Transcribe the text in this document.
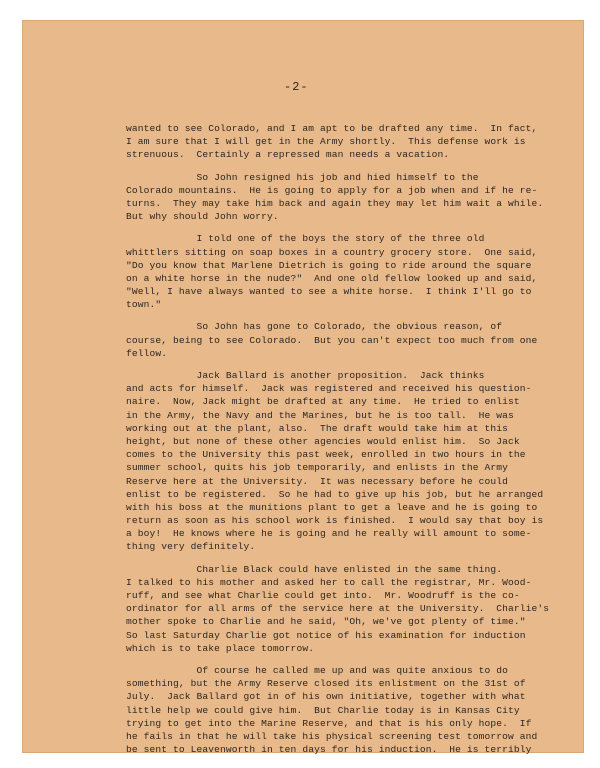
-2-
wanted to see Colorado, and I am apt to be drafted any time.  In fact,
I am sure that I will get in the Army shortly.  This defense work is
strenuous.  Certainly a repressed man needs a vacation.
So John resigned his job and hied himself to the
Colorado mountains.  He is going to apply for a job when and if he re-
turns.  They may take him back and again they may let him wait a while.
But why should John worry.
I told one of the boys the story of the three old
whittlers sitting on soap boxes in a country grocery store.  One said,
"Do you know that Marlene Dietrich is going to ride around the square
on a white horse in the nude?"  And one old fellow looked up and said,
"Well, I have always wanted to see a white horse.  I think I'll go to
town."
So John has gone to Colorado, the obvious reason, of
course, being to see Colorado.  But you can't expect too much from one
fellow.
Jack Ballard is another proposition.  Jack thinks
and acts for himself.  Jack was registered and received his question-
naire.  Now, Jack might be drafted at any time.  He tried to enlist
in the Army, the Navy and the Marines, but he is too tall.  He was
working out at the plant, also.  The draft would take him at this
height, but none of these other agencies would enlist him.  So Jack
comes to the University this past week, enrolled in two hours in the
summer school, quits his job temporarily, and enlists in the Army
Reserve here at the University.  It was necessary before he could
enlist to be registered.  So he had to give up his job, but he arranged
with his boss at the munitions plant to get a leave and he is going to
return as soon as his school work is finished.  I would say that boy is
a boy!  He knows where he is going and he really will amount to some-
thing very definitely.
Charlie Black could have enlisted in the same thing.
I talked to his mother and asked her to call the registrar, Mr. Wood-
ruff, and see what Charlie could get into.  Mr. Woodruff is the co-
ordinator for all arms of the service here at the University.  Charlie's
mother spoke to Charlie and he said, "Oh, we've got plenty of time."
So last Saturday Charlie got notice of his examination for induction
which is to take place tomorrow.
Of course he called me up and was quite anxious to do
something, but the Army Reserve closed its enlistment on the 31st of
July.  Jack Ballard got in of his own initiative, together with what
little help we could give him.  But Charlie today is in Kansas City
trying to get into the Marine Reserve, and that is his only hope.  If
he fails in that he will take his physical screening test tomorrow and
be sent to Leavenworth in ten days for his induction.  He is terribly
